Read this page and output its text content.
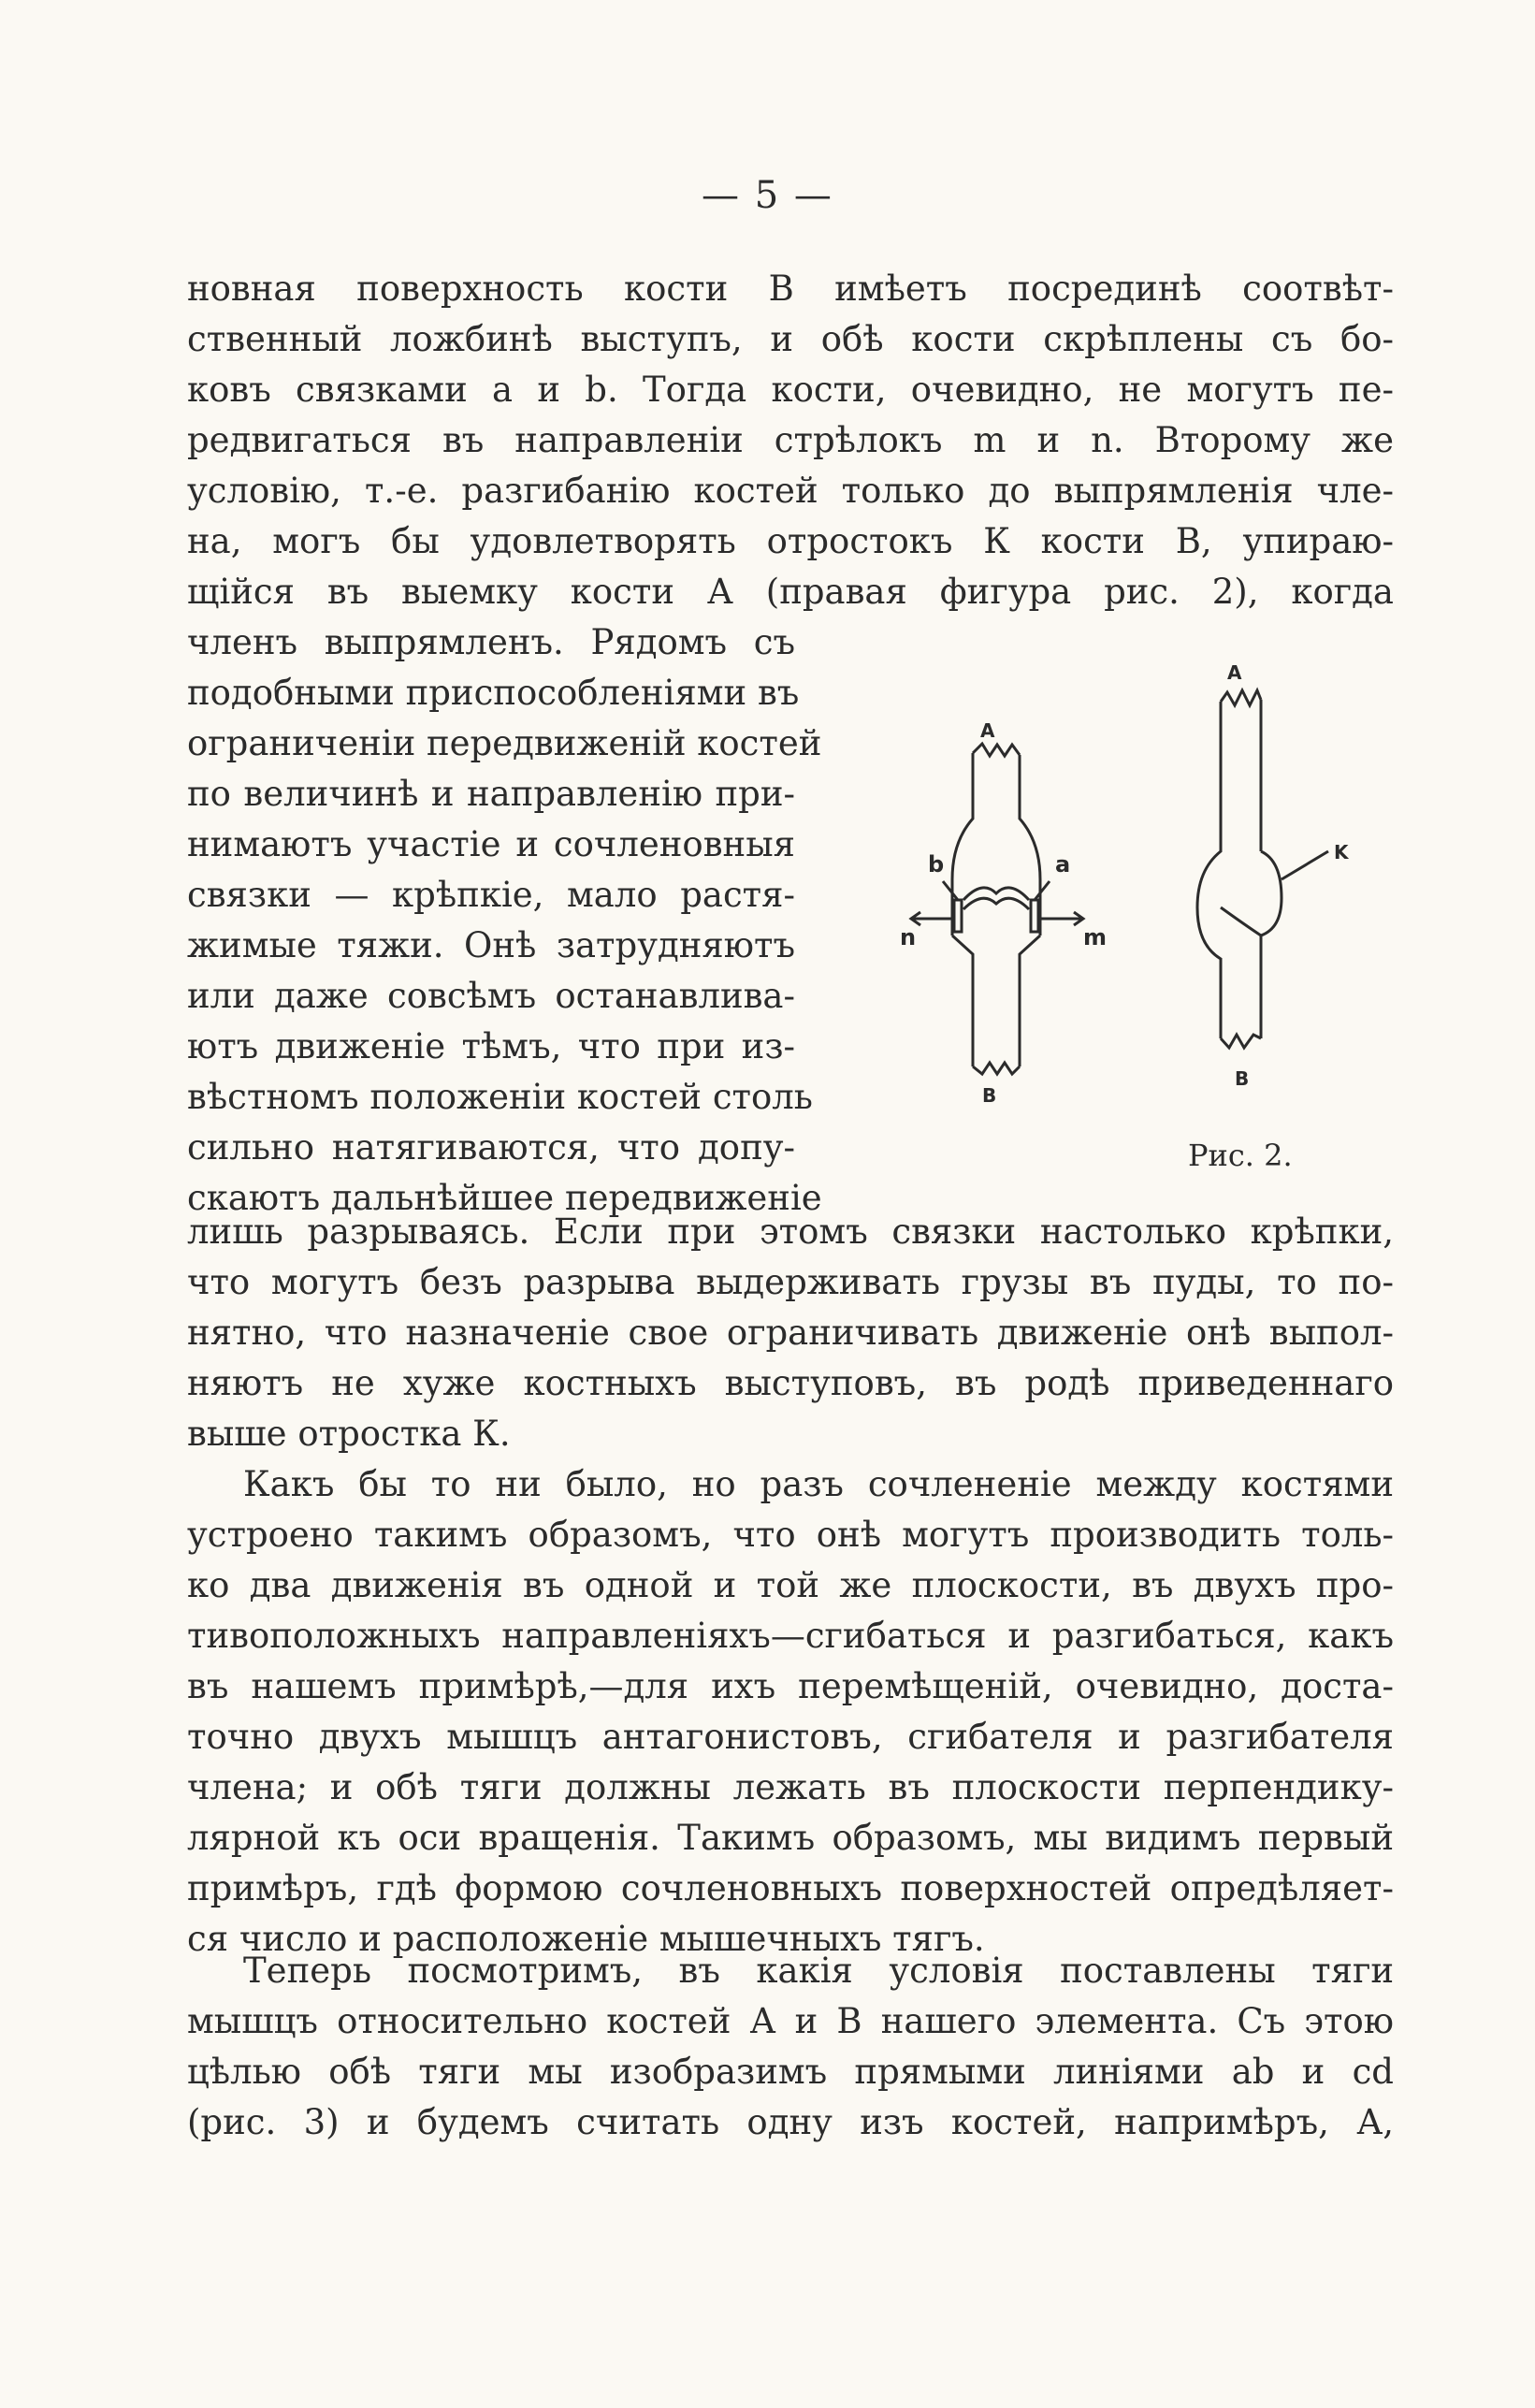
— 5 —
новная поверхность кости В имѣетъ посрединѣ соотвѣт-
ственный ложбинѣ выступъ, и обѣ кости скрѣплены съ бо-
ковъ связками a и b. Тогда кости, очевидно, не могутъ пе-
редвигаться въ направленіи стрѣлокъ m и n. Второму же
условію, т.-е. разгибанію костей только до выпрямленія чле-
на, могъ бы удовлетворять отростокъ К кости В, упираю-
щійся въ выемку кости А (правая фигура рис. 2), когда
членъ выпрямленъ. Рядомъ съ
подобными приспособленіями въ
ограниченіи передвиженій костей
по величинѣ и направленію при-
нимаютъ участіе и сочленовныя
связки — крѣпкіе, мало растя-
жимые тяжи. Онѣ затрудняютъ
или даже совсѣмъ останавлива-
ютъ движеніе тѣмъ, что при из-
вѣстномъ положеніи костей столь
сильно натягиваются, что допу-
скаютъ дальнѣйшее передвиженіе
A
B
b	a
n	m
A
B
K
Рис. 2.
лишь разрываясь. Если при этомъ связки настолько крѣпки,
что могутъ безъ разрыва выдерживать грузы въ пуды, то по-
нятно, что назначеніе свое ограничивать движеніе онѣ выпол-
няютъ не хуже костныхъ выступовъ, въ родѣ приведеннаго
выше отростка К.
Какъ бы то ни было, но разъ сочлененіе между костями
устроено такимъ образомъ, что онѣ могутъ производить толь-
ко два движенія въ одной и той же плоскости, въ двухъ про-
тивоположныхъ направленіяхъ—сгибаться и разгибаться, какъ
въ нашемъ примѣрѣ,—для ихъ перемѣщеній, очевидно, доста-
точно двухъ мышцъ антагонистовъ, сгибателя и разгибателя
члена; и обѣ тяги должны лежать въ плоскости перпендику-
лярной къ оси вращенія. Такимъ образомъ, мы видимъ первый
примѣръ, гдѣ формою сочленовныхъ поверхностей опредѣляет-
ся число и расположеніе мышечныхъ тягъ.
Теперь посмотримъ, въ какія условія поставлены тяги
мышцъ относительно костей А и В нашего элемента. Съ этою
цѣлью обѣ тяги мы изобразимъ прямыми линіями ab и cd
(рис. 3) и будемъ считать одну изъ костей, напримѣръ, А,
